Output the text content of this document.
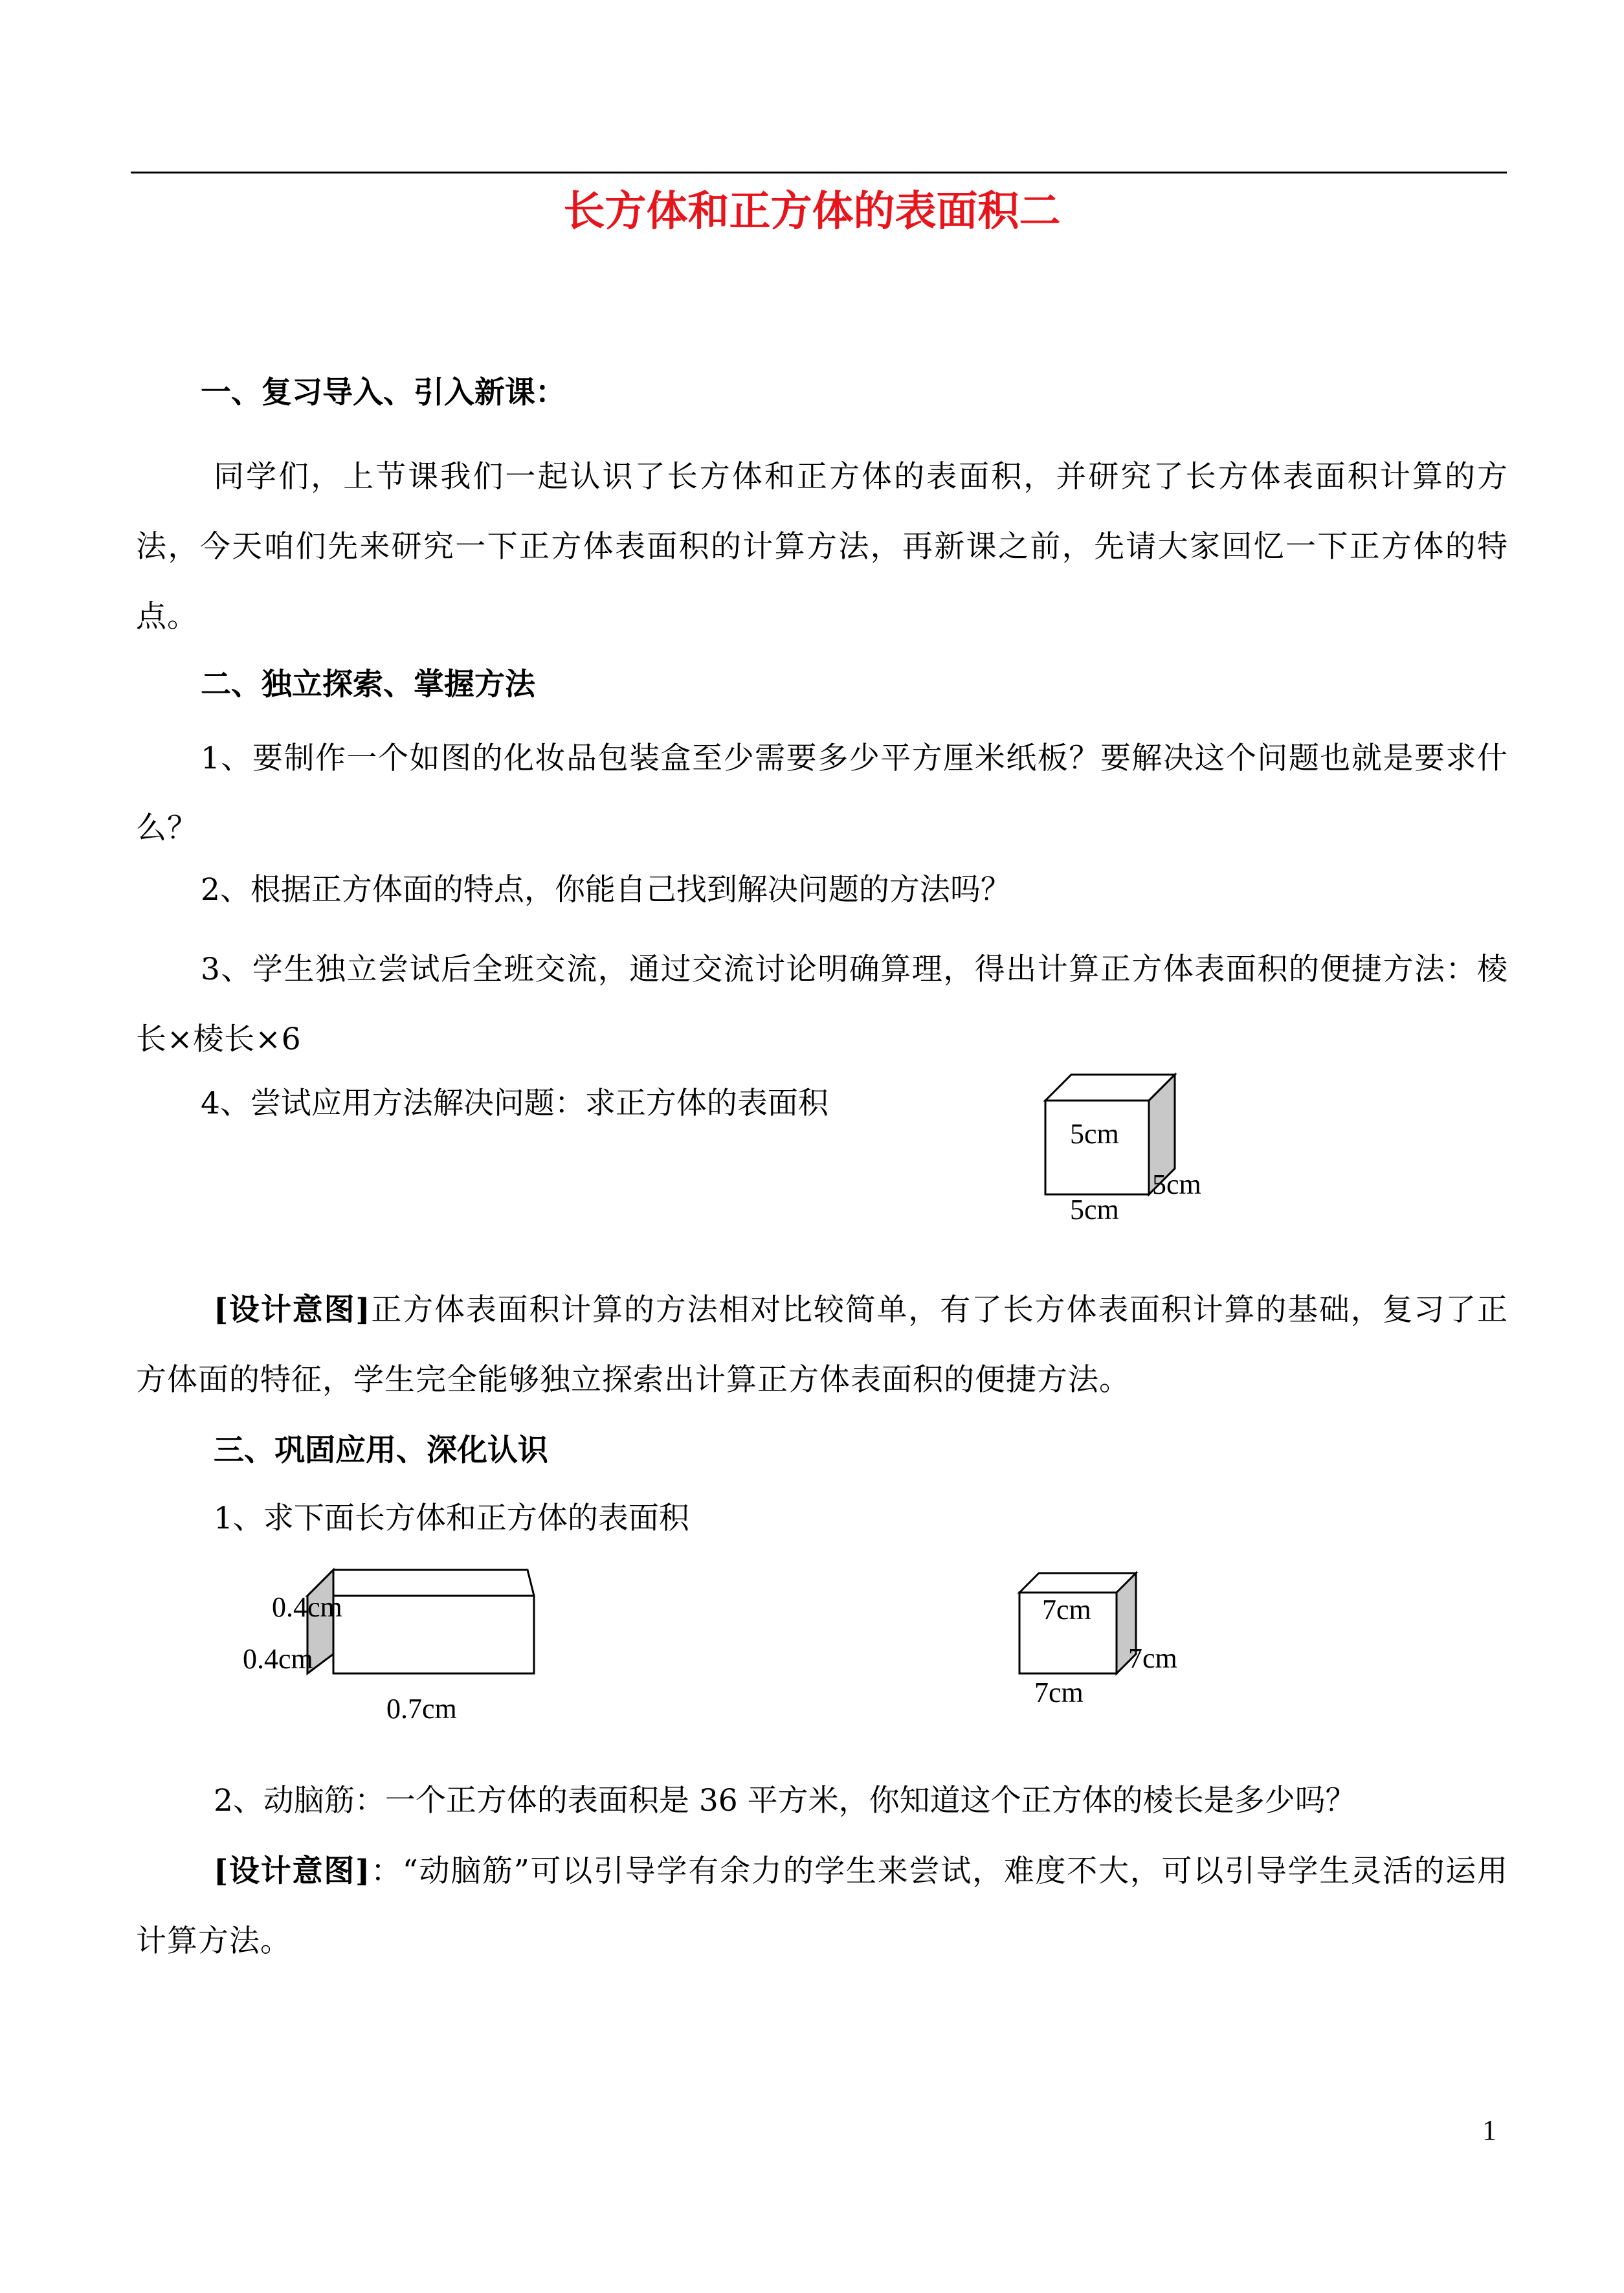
长方体和正方体的表面积二
一、复习导入、引入新课：
同学们，上节课我们一起认识了长方体和正方体的表面积，并研究了长方体表面积计算的方法，今天咱们先来研究一下正方体表面积的计算方法，再新课之前，先请大家回忆一下正方体的特点。
二、独立探索、掌握方法
1、要制作一个如图的化妆品包装盒至少需要多少平方厘米纸板？要解决这个问题也就是要求什么？
2、根据正方体面的特点，你能自己找到解决问题的方法吗？
3、学生独立尝试后全班交流，通过交流讨论明确算理，得出计算正方体表面积的便捷方法：棱长×棱长×6
4、尝试应用方法解决问题：求正方体的表面积
5cm
5cm
5cm
[设计意图]正方体表面积计算的方法相对比较简单，有了长方体表面积计算的基础，复习了正方体面的特征，学生完全能够独立探索出计算正方体表面积的便捷方法。
三、巩固应用、深化认识
1、求下面长方体和正方体的表面积
0.4cm
0.4cm
0.7cm
7cm
7cm
7cm
2、动脑筋：一个正方体的表面积是 36 平方米，你知道这个正方体的棱长是多少吗？
[设计意图]：“动脑筋”可以引导学有余力的学生来尝试，难度不大，可以引导学生灵活的运用计算方法。
1
